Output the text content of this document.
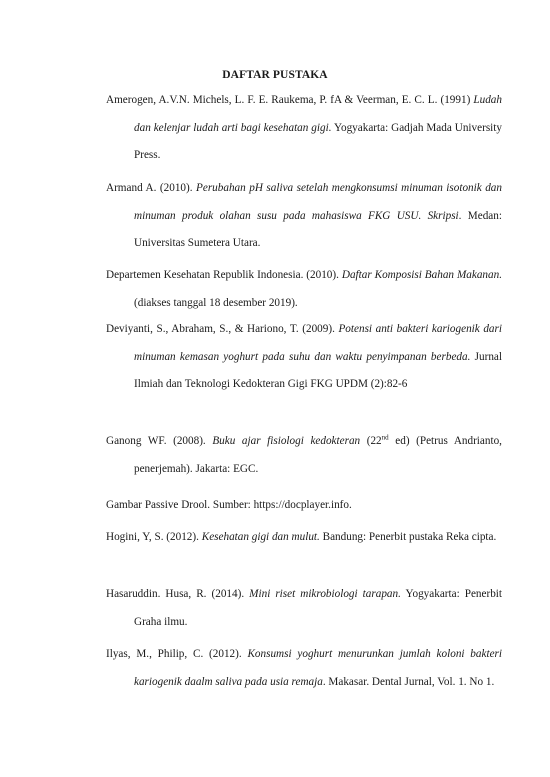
DAFTAR PUSTAKA

Amerogen, A.V.N. Michels, L. F. E. Raukema, P. fA & Veerman, E. C. L. (1991) Ludah dan kelenjar ludah arti bagi kesehatan gigi. Yogyakarta: Gadjah Mada University Press.

Armand A. (2010). Perubahan pH saliva setelah mengkonsumsi minuman isotonik dan minuman produk olahan susu pada mahasiswa FKG USU. Skripsi. Medan: Universitas Sumetera Utara.

Departemen Kesehatan Republik Indonesia. (2010). Daftar Komposisi Bahan Makanan. (diakses tanggal 18 desember 2019).

Deviyanti, S., Abraham, S., & Hariono, T. (2009). Potensi anti bakteri kariogenik dari minuman kemasan yoghurt pada suhu dan waktu penyimpanan berbeda. Jurnal Ilmiah dan Teknologi Kedokteran Gigi FKG UPDM (2):82-6

Ganong WF. (2008). Buku ajar fisiologi kedokteran (22nd ed) (Petrus Andrianto, penerjemah). Jakarta: EGC.

Gambar Passive Drool. Sumber: https://docplayer.info.

Hogini, Y, S. (2012). Kesehatan gigi dan mulut. Bandung: Penerbit pustaka Reka cipta.

Hasaruddin. Husa, R. (2014). Mini riset mikrobiologi tarapan. Yogyakarta: Penerbit Graha ilmu.

Ilyas, M., Philip, C. (2012). Konsumsi yoghurt menurunkan jumlah koloni bakteri kariogenik daalm saliva pada usia remaja. Makasar. Dental Jurnal, Vol. 1. No 1.
